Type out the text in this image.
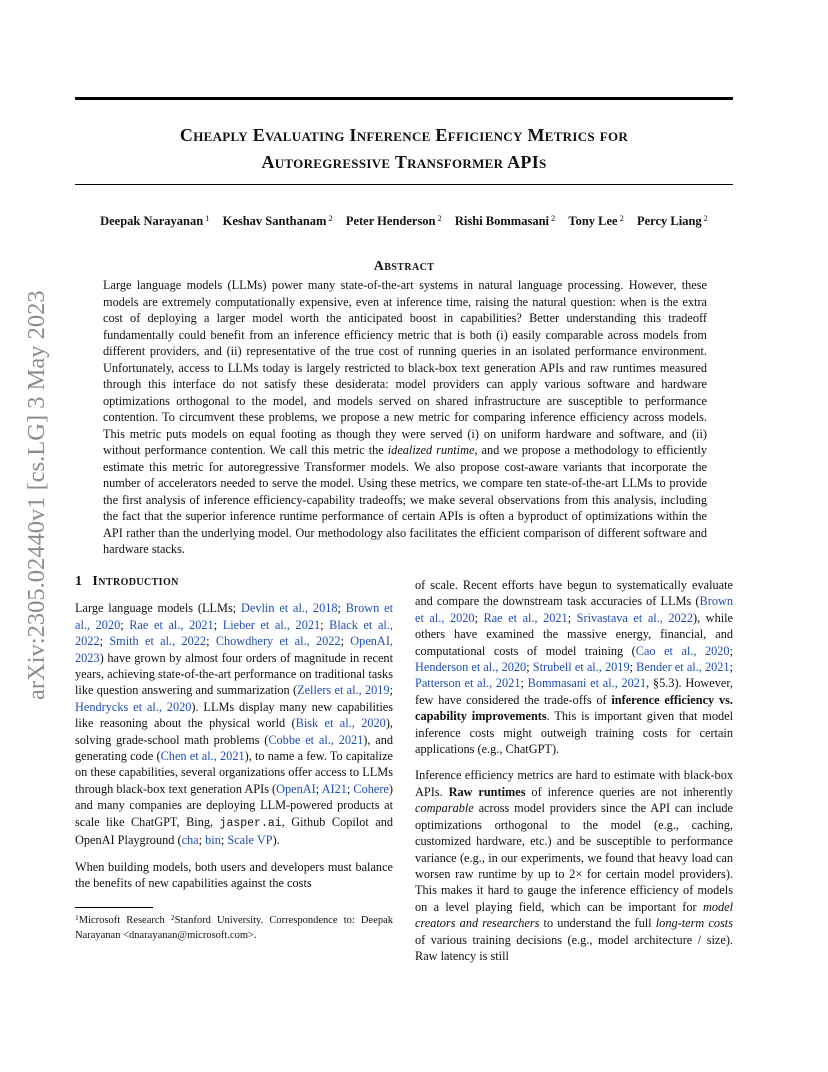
Cheaply Evaluating Inference Efficiency Metrics for
Autoregressive Transformer APIs
Deepak Narayanan $^1$ Keshav Santhanam $^2$ Peter Henderson $^2$ Rishi Bommasani $^2$ Tony Lee $^2$ Percy Liang $^2$
arXiv:2305.02440v1 [cs.LG] 3 May 2023
Abstract
Large language models (LLMs) power many state-of-the-art systems in natural language processing. However, these models are extremely computationally expensive, even at inference time, raising the natural question: when is the extra cost of deploying a larger model worth the anticipated boost in capabilities? Better understanding this tradeoff fundamentally could benefit from an inference efficiency metric that is both (i) easily comparable across models from different providers, and (ii) representative of the true cost of running queries in an isolated performance environment. Unfortunately, access to LLMs today is largely restricted to black-box text generation APIs and raw runtimes measured through this interface do not satisfy these desiderata: model providers can apply various software and hardware optimizations orthogonal to the model, and models served on shared infrastructure are susceptible to performance contention. To circumvent these problems, we propose a new metric for comparing inference efficiency across models. This metric puts models on equal footing as though they were served (i) on uniform hardware and software, and (ii) without performance contention. We call this metric the idealized runtime, and we propose a methodology to efficiently estimate this metric for autoregressive Transformer models. We also propose cost-aware variants that incorporate the number of accelerators needed to serve the model. Using these metrics, we compare ten state-of-the-art LLMs to provide the first analysis of inference efficiency-capability tradeoffs; we make several observations from this analysis, including the fact that the superior inference runtime performance of certain APIs is often a byproduct of optimizations within the API rather than the underlying model. Our methodology also facilitates the efficient comparison of different software and hardware stacks.
1 Introduction

Large language models (LLMs; Devlin et al., 2018; Brown et al., 2020; Rae et al., 2021; Lieber et al., 2021; Black et al., 2022; Smith et al., 2022; Chowdhery et al., 2022; OpenAI, 2023) have grown by almost four orders of magnitude in recent years, achieving state-of-the-art performance on traditional tasks like question answering and summarization (Zellers et al., 2019; Hendrycks et al., 2020). LLMs display many new capabilities like reasoning about the physical world (Bisk et al., 2020), solving grade-school math problems (Cobbe et al., 2021), and generating code (Chen et al., 2021), to name a few. To capitalize on these capabilities, several organizations offer access to LLMs through black-box text generation APIs (OpenAI; AI21; Cohere) and many companies are deploying LLM-powered products at scale like ChatGPT, Bing, jasper.ai, Github Copilot and OpenAI Playground (cha; bin; Scale VP).

When building models, both users and developers must balance the benefits of new capabilities against the costs

$^1$Microsoft Research $^2$Stanford University. Correspondence to: Deepak Narayanan <dnarayanan@microsoft.com>.

of scale. Recent efforts have begun to systematically evaluate and compare the downstream task accuracies of LLMs (Brown et al., 2020; Rae et al., 2021; Srivastava et al., 2022), while others have examined the massive energy, financial, and computational costs of model training (Cao et al., 2020; Henderson et al., 2020; Strubell et al., 2019; Bender et al., 2021; Patterson et al., 2021; Bommasani et al., 2021, §5.3). However, few have considered the trade-offs of inference efficiency vs. capability improvements. This is important given that model inference costs might outweigh training costs for certain applications (e.g., ChatGPT).

Inference efficiency metrics are hard to estimate with black-box APIs. Raw runtimes of inference queries are not inherently comparable across model providers since the API can include optimizations orthogonal to the model (e.g., caching, customized hardware, etc.) and be susceptible to performance variance (e.g., in our experiments, we found that heavy load can worsen raw runtime by up to 2× for certain model providers). This makes it hard to gauge the inference efficiency of models on a level playing field, which can be important for model creators and researchers to understand the full long-term costs of various training decisions (e.g., model architecture / size). Raw latency is still
